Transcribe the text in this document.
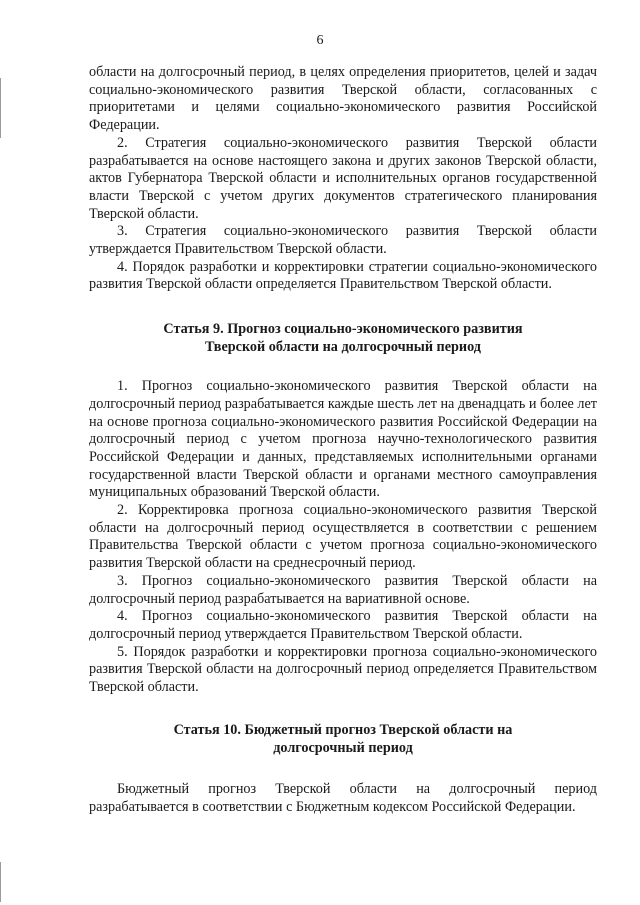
6

области на долгосрочный период, в целях определения приоритетов, целей и задач социально-экономического развития Тверской области, согласованных с приоритетами и целями социально-экономического развития Российской Федерации.

2. Стратегия социально-экономического развития Тверской области разрабатывается на основе настоящего закона и других законов Тверской области, актов Губернатора Тверской области и исполнительных органов государственной власти Тверской с учетом других документов стратегического планирования Тверской области.

3. Стратегия социально-экономического развития Тверской области утверждается Правительством Тверской области.

4. Порядок разработки и корректировки стратегии социально-экономического развития Тверской области определяется Правительством Тверской области.

Статья 9. Прогноз социально-экономического развития

Тверской области на долгосрочный период

1. Прогноз социально-экономического развития Тверской области на долгосрочный период разрабатывается каждые шесть лет на двенадцать и более лет на основе прогноза социально-экономического развития Российской Федерации на долгосрочный период с учетом прогноза научно-технологического развития Российской Федерации и данных, представляемых исполнительными органами государственной власти Тверской области и органами местного самоуправления муниципальных образований Тверской области.

2. Корректировка прогноза социально-экономического развития Тверской области на долгосрочный период осуществляется в соответствии с решением Правительства Тверской области с учетом прогноза социально-экономического развития Тверской области на среднесрочный период.

3. Прогноз социально-экономического развития Тверской области на долгосрочный период разрабатывается на вариативной основе.

4. Прогноз социально-экономического развития Тверской области на долгосрочный период утверждается Правительством Тверской области.

5. Порядок разработки и корректировки прогноза социально-экономического развития Тверской области на долгосрочный период определяется Правительством Тверской области.

Статья 10. Бюджетный прогноз Тверской области на

долгосрочный период

Бюджетный прогноз Тверской области на долгосрочный период разрабатывается в соответствии с Бюджетным кодексом Российской Федерации.
